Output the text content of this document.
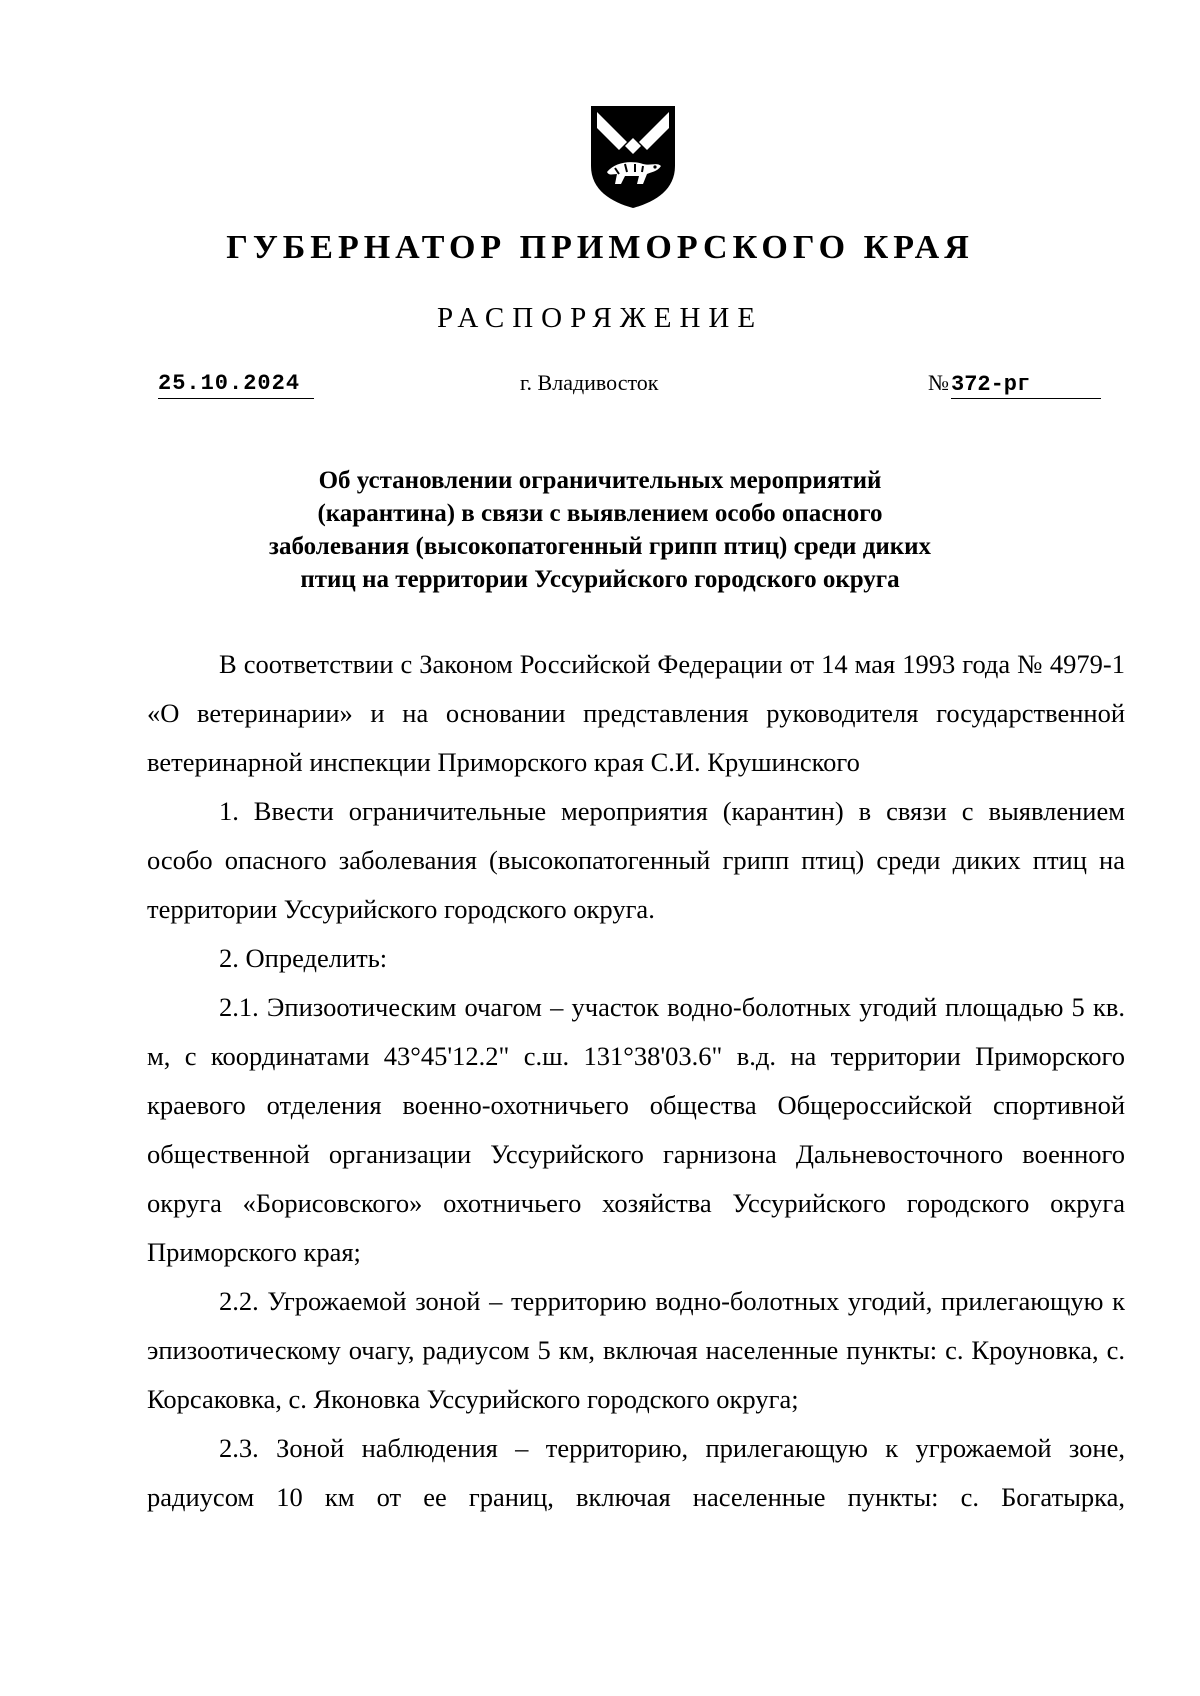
ГУБЕРНАТОР ПРИМОРСКОГО КРАЯ
РАСПОРЯЖЕНИЕ
25.10.2024	г. Владивосток	№372-рг
Об установлении ограничительных мероприятий
(карантина) в связи с выявлением особо опасного
заболевания (высокопатогенный грипп птиц) среди диких
птиц на территории Уссурийского городского округа

В соответствии с Законом Российской Федерации от 14 мая 1993 года № 4979-1 «О ветеринарии» и на основании представления руководителя государственной ветеринарной инспекции Приморского края С.И. Крушинского

1. Ввести ограничительные мероприятия (карантин) в связи с выявлением особо опасного заболевания (высокопатогенный грипп птиц) среди диких птиц на территории Уссурийского городского округа.

2. Определить:

2.1. Эпизоотическим очагом – участок водно-болотных угодий площадью 5 кв. м, с координатами 43°45'12.2" с.ш. 131°38'03.6" в.д. на территории Приморского краевого отделения военно-охотничьего общества Общероссийской спортивной общественной организации Уссурийского гарнизона Дальневосточного военного округа «Борисовского» охотничьего хозяйства Уссурийского городского округа Приморского края;

2.2. Угрожаемой зоной – территорию водно-болотных угодий, прилегающую к эпизоотическому очагу, радиусом 5 км, включая населенные пункты: с. Кроуновка, с. Корсаковка, с. Яконовка Уссурийского городского округа;

2.3. Зоной наблюдения – территорию, прилегающую к угрожаемой зоне, радиусом 10 км от ее границ, включая населенные пункты: с. Богатырка,
